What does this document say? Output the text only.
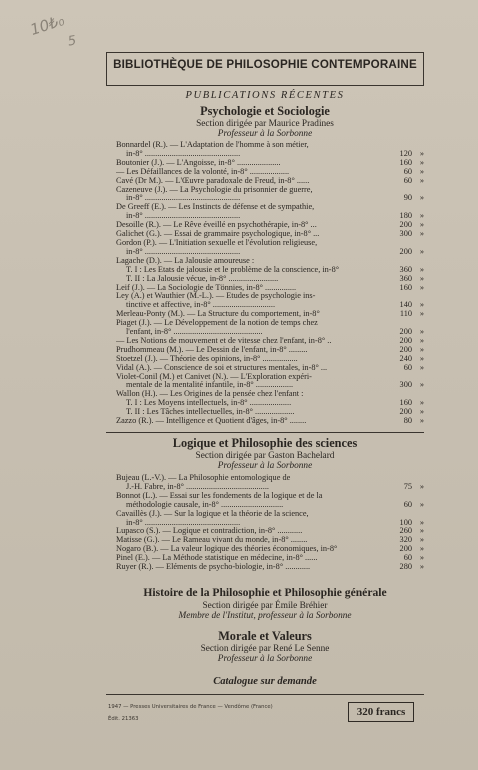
10₺₀
5
BIBLIOTHÈQUE DE PHILOSOPHIE CONTEMPORAINE
PUBLICATIONS RÉCENTES
Psychologie et Sociologie
Section dirigée par Maurice Pradines
Professeur à la Sorbonne
Bonnardel (R.). — L'Adaptation de l'homme à son métier,
in-8° ..............................................	120 »
Boutonier (J.). — L'Angoisse, in-8° .....................	160 »
— Les Défaillances de la volonté, in-8° ...................	60 »
Cavé (Dr M.). — L'Œuvre paradoxale de Freud, in-8° ......	60 »
Cazeneuve (J.). — La Psychologie du prisonnier de guerre,
in-8° ..............................................	90 »
De Greeff (E.). — Les Instincts de défense et de sympathie,
in-8° ..............................................	180 »
Desoille (R.). — Le Rêve éveillé en psychothérapie, in-8° ...	200 »
Galichet (G.). — Essai de grammaire psychologique, in-8° ...	300 »
Gordon (P.). — L'Initiation sexuelle et l'évolution religieuse,
in-8° ..............................................	200 »
Lagache (D.). — La Jalousie amoureuse :
T. I : Les États de jalousie et le problème de la conscience, in-8°	360 »
T. II : La Jalousie vécue, in-8° ........................	360 »
Leif (J.). — La Sociologie de Tönnies, in-8° ...............	160 »
Ley (A.) et Wauthier (M.-L.). — Études de psychologie ins-
tinctive et affective, in-8° ..............................	140 »
Merleau-Ponty (M.). — La Structure du comportement, in-8°	110 »
Piaget (J.). — Le Développement de la notion de temps chez
l'enfant, in-8° ...........................................	200 »
— Les Notions de mouvement et de vitesse chez l'enfant, in-8° ..	200 »
Prudhommeau (M.). — Le Dessin de l'enfant, in-8° .........	200 »
Stoetzel (J.). — Théorie des opinions, in-8° .................	240 »
Vidal (A.). — Conscience de soi et structures mentales, in-8° ...	60 »
Violet-Conil (M.) et Canivet (N.). — L'Exploration expéri-
mentale de la mentalité infantile, in-8° ..................	300 »
Wallon (H.). — Les Origines de la pensée chez l'enfant :
T. I : Les Moyens intellectuels, in-8° ....................	160 »
T. II : Les Tâches intellectuelles, in-8° ...................	200 »
Zazzo (R.). — Intelligence et Quotient d'âges, in-8° ........	80 »
Logique et Philosophie des sciences
Section dirigée par Gaston Bachelard
Professeur à la Sorbonne
Bujeau (L.-V.). — La Philosophie entomologique de
J.-H. Fabre, in-8° ........................................	75 »
Bonnot (L.). — Essai sur les fondements de la logique et de la
méthodologie causale, in-8° ..............................	60 »
Cavaillès (J.). — Sur la logique et la théorie de la science,
in-8° ..............................................	100 »
Lupasco (S.). — Logique et contradiction, in-8° ............	260 »
Matisse (G.). — Le Rameau vivant du monde, in-8° ........	320 »
Nogaro (B.). — La valeur logique des théories économiques, in-8°	200 »
Pinel (E.). — La Méthode statistique en médecine, in-8° ......	60 »
Ruyer (R.). — Éléments de psycho-biologie, in-8° ............	280 »
Histoire de la Philosophie et Philosophie générale
Section dirigée par Émile Bréhier
Membre de l'Institut, professeur à la Sorbonne
Morale et Valeurs
Section dirigée par René Le Senne
Professeur à la Sorbonne
Catalogue sur demande
1947 — Presses Universitaires de France — Vendôme (France)
Édit. 21363
320 francs
